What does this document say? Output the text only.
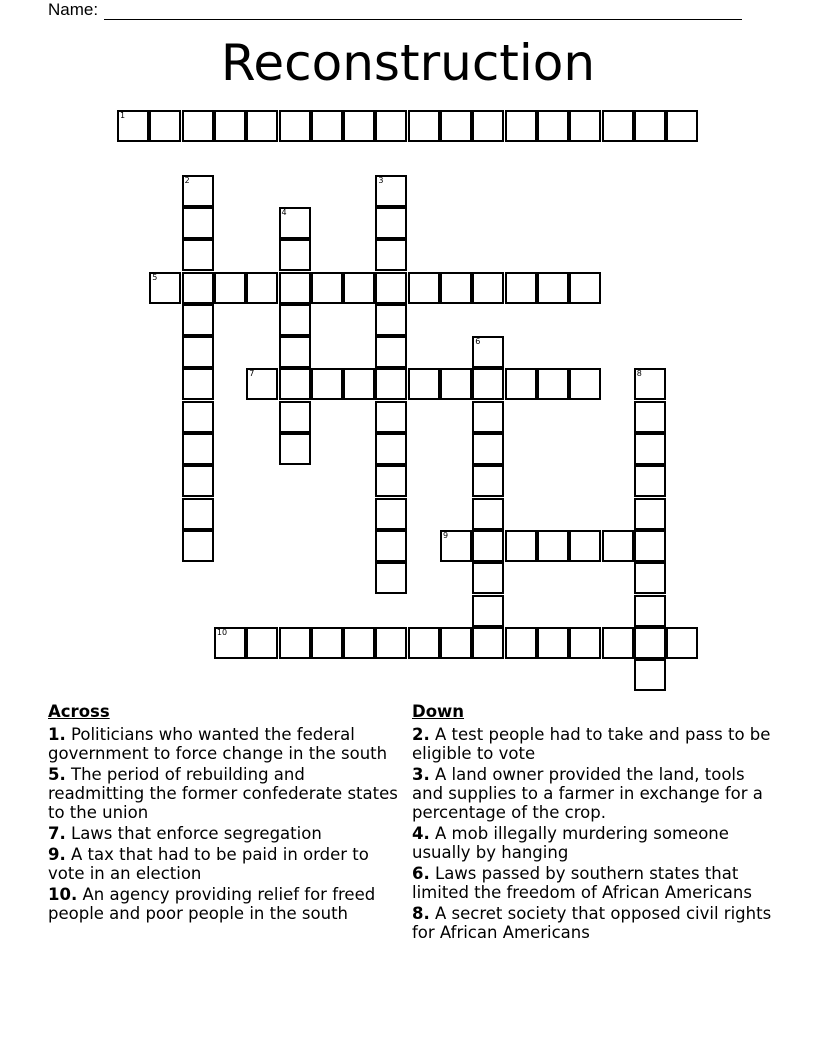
Name:
Reconstruction
1
2	3
4
5
6
7	8
9
10
Across
1. Politicians who wanted the federal government to force change in the south
5. The period of rebuilding and readmitting the former confederate states to the union
7. Laws that enforce segregation
9. A tax that had to be paid in order to vote in an election
10. An agency providing relief for freed people and poor people in the south
Down
2. A test people had to take and pass to be eligible to vote
3. A land owner provided the land, tools and supplies to a farmer in exchange for a percentage of the crop.
4. A mob illegally murdering someone usually by hanging
6. Laws passed by southern states that limited the freedom of African Americans
8. A secret society that opposed civil rights for African Americans
